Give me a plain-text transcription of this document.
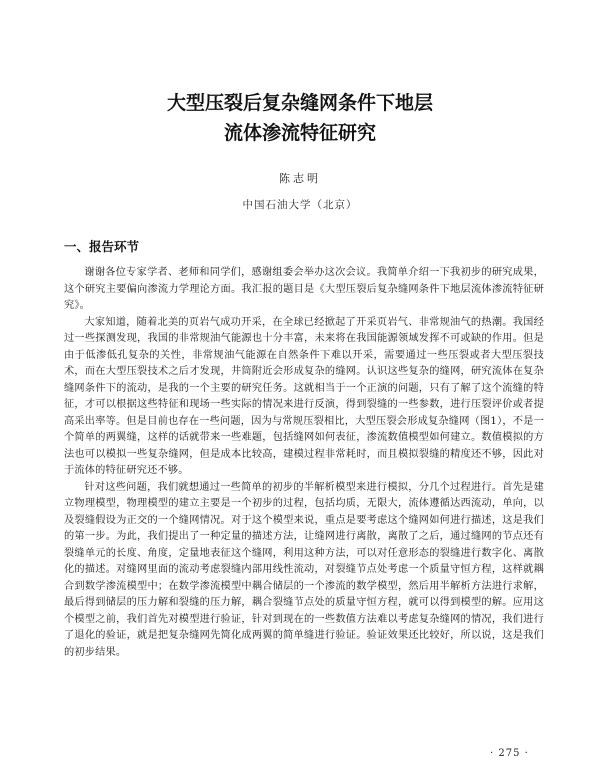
大型压裂后复杂缝网条件下地层
流体渗流特征研究
陈志明
中国石油大学（北京）
一、报告环节

谢谢各位专家学者、老师和同学们，感谢组委会举办这次会议。我简单介绍一下我初步的研究成果，这个研究主要偏向渗流力学理论方面。我汇报的题目是《大型压裂后复杂缝网条件下地层流体渗流特征研究》。

大家知道，随着北美的页岩气成功开采，在全球已经掀起了开采页岩气、非常规油气的热潮。我国经过一些探测发现，我国的非常规油气能源也十分丰富，未来将在我国能源领域发挥不可或缺的作用。但是由于低渗低孔复杂的关性，非常规油气能源在自然条件下难以开采，需要通过一些压裂或者大型压裂技术，而在大型压裂技术之后才发现，井筒附近会形成复杂的缝网。认识这些复杂的缝网，研究流体在复杂缝网条件下的流动，是我的一个主要的研究任务。这就相当于一个正演的问题，只有了解了这个流缝的特征，才可以根据这些特征和现场一些实际的情况来进行反演，得到裂缝的一些参数，进行压裂评价或者提高采出率等。但是目前也存在一些问题，因为与常规压裂相比，大型压裂会形成复杂缝网（图1），不是一个简单的两翼缝，这样的话就带来一些难题，包括缝网如何表征，渗流数值模型如何建立。数值模拟的方法也可以模拟一些复杂缝网，但是成本比较高，建模过程非常耗时，而且模拟裂缝的精度还不够，因此对于流体的特征研究还不够。

针对这些问题，我们就想通过一些简单的初步的半解析模型来进行模拟，分几个过程进行。首先是建立物理模型，物理模型的建立主要是一个初步的过程，包括均质，无限大，流体遵循达西流动，单向，以及裂缝假设为正交的一个缝网情况。对于这个模型来说，重点是要考虑这个缝网如何进行描述，这是我们的第一步。为此，我们提出了一种定量的描述方法，让缝网进行离散，离散了之后，通过缝网的节点还有裂缝单元的长度、角度，定量地表征这个缝网，利用这种方法，可以对任意形态的裂缝进行数字化、离散化的描述。对缝网里面的流动考虑裂缝内部用线性流动，对裂缝节点处考虑一个质量守恒方程，这样就耦合到数学渗流模型中；在数学渗流模型中耦合储层的一个渗流的数学模型，然后用半解析方法进行求解，最后得到储层的压力解和裂缝的压力解，耦合裂缝节点处的质量守恒方程，就可以得到模型的解。应用这个模型之前，我们首先对模型进行验证，针对到现在的一些数值方法难以考虑复杂缝网的情况，我们进行了退化的验证，就是把复杂缝网先简化成两翼的简单缝进行验证。验证效果还比较好，所以说，这是我们的初步结果。

· 275 ·
